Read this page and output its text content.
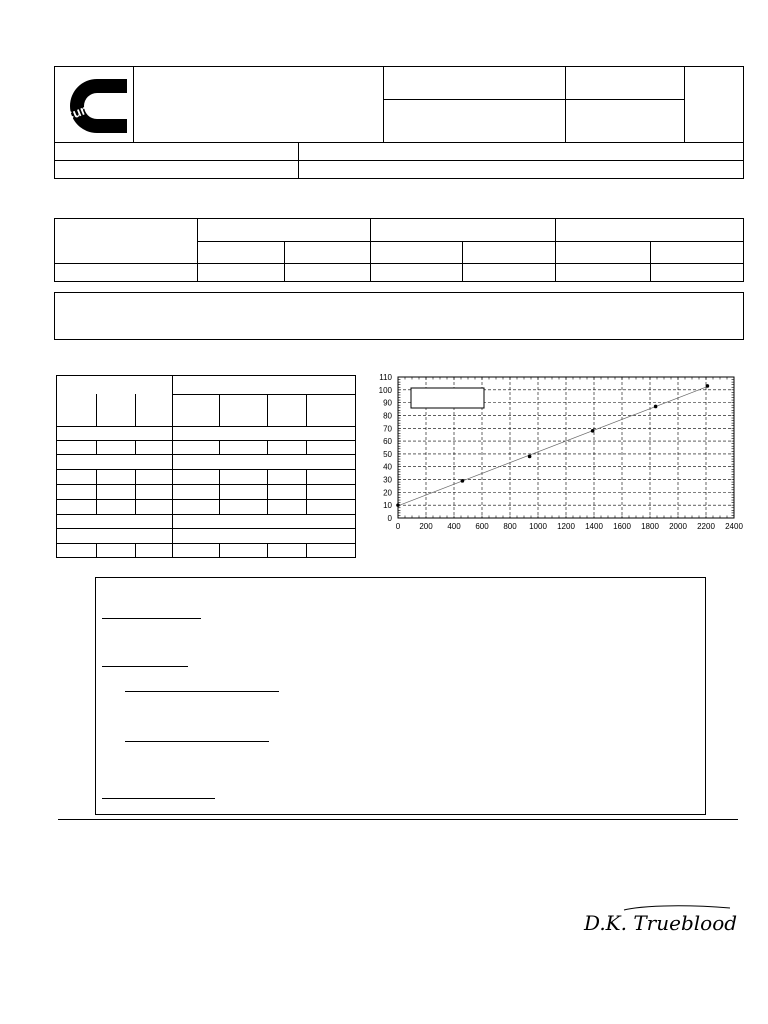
Cummins
0 200 400 600 800 1000 1200 1400 1600 1800 2000 2200 2400
0
10
20
30
40
50
60
70
80
90
100
110
D.K. Trueblood
